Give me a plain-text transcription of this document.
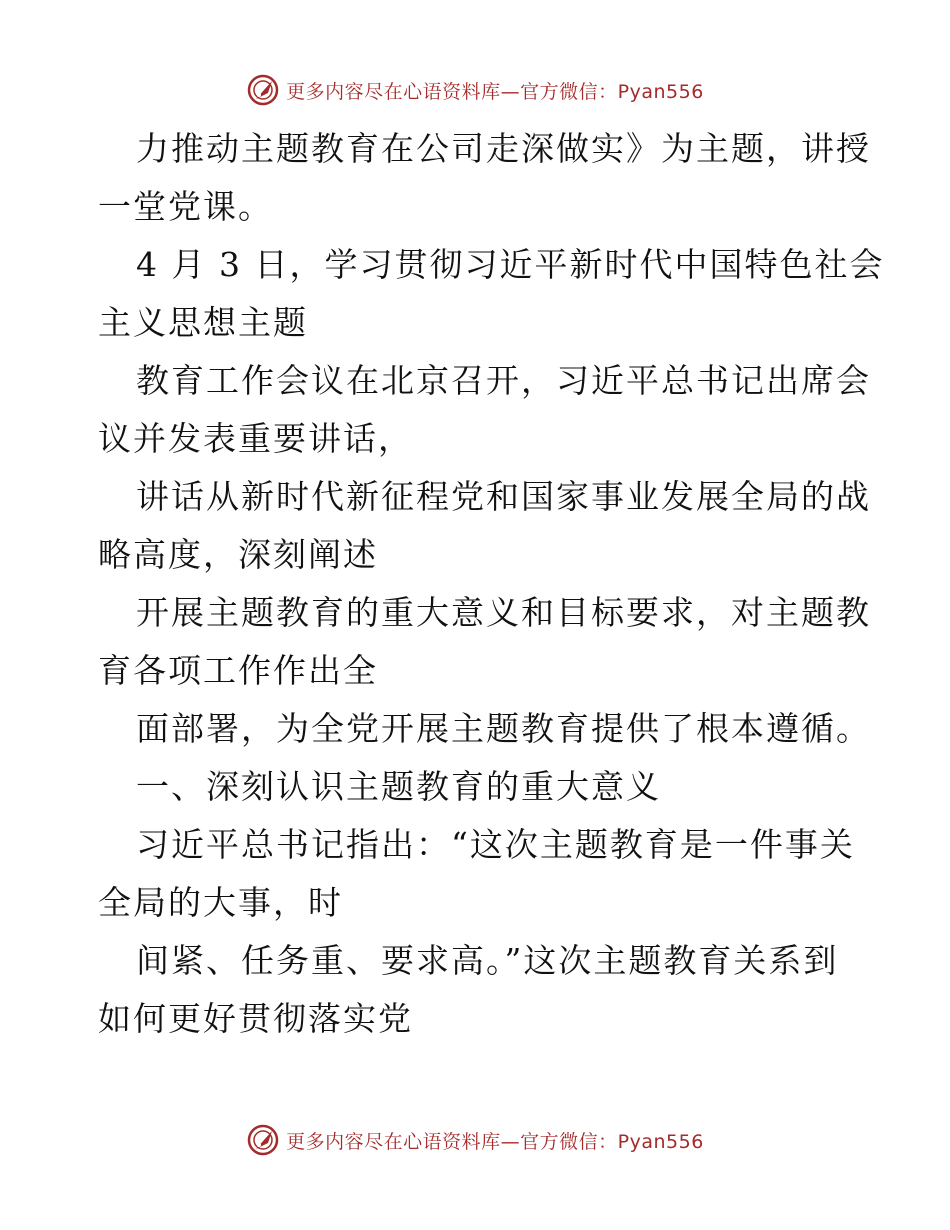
更多内容尽在心语资料库—官方微信：Pyan556

力推动主题教育在公司走深做实》为主题，讲授

一堂党课。

4 月 3 日，学习贯彻习近平新时代中国特色社会

主义思想主题

教育工作会议在北京召开，习近平总书记出席会

议并发表重要讲话，

讲话从新时代新征程党和国家事业发展全局的战

略高度，深刻阐述

开展主题教育的重大意义和目标要求，对主题教

育各项工作作出全

面部署，为全党开展主题教育提供了根本遵循。

一、深刻认识主题教育的重大意义

习近平总书记指出：“这次主题教育是一件事关

全局的大事，时

间紧、任务重、要求高。”这次主题教育关系到

如何更好贯彻落实党

更多内容尽在心语资料库—官方微信：Pyan556
